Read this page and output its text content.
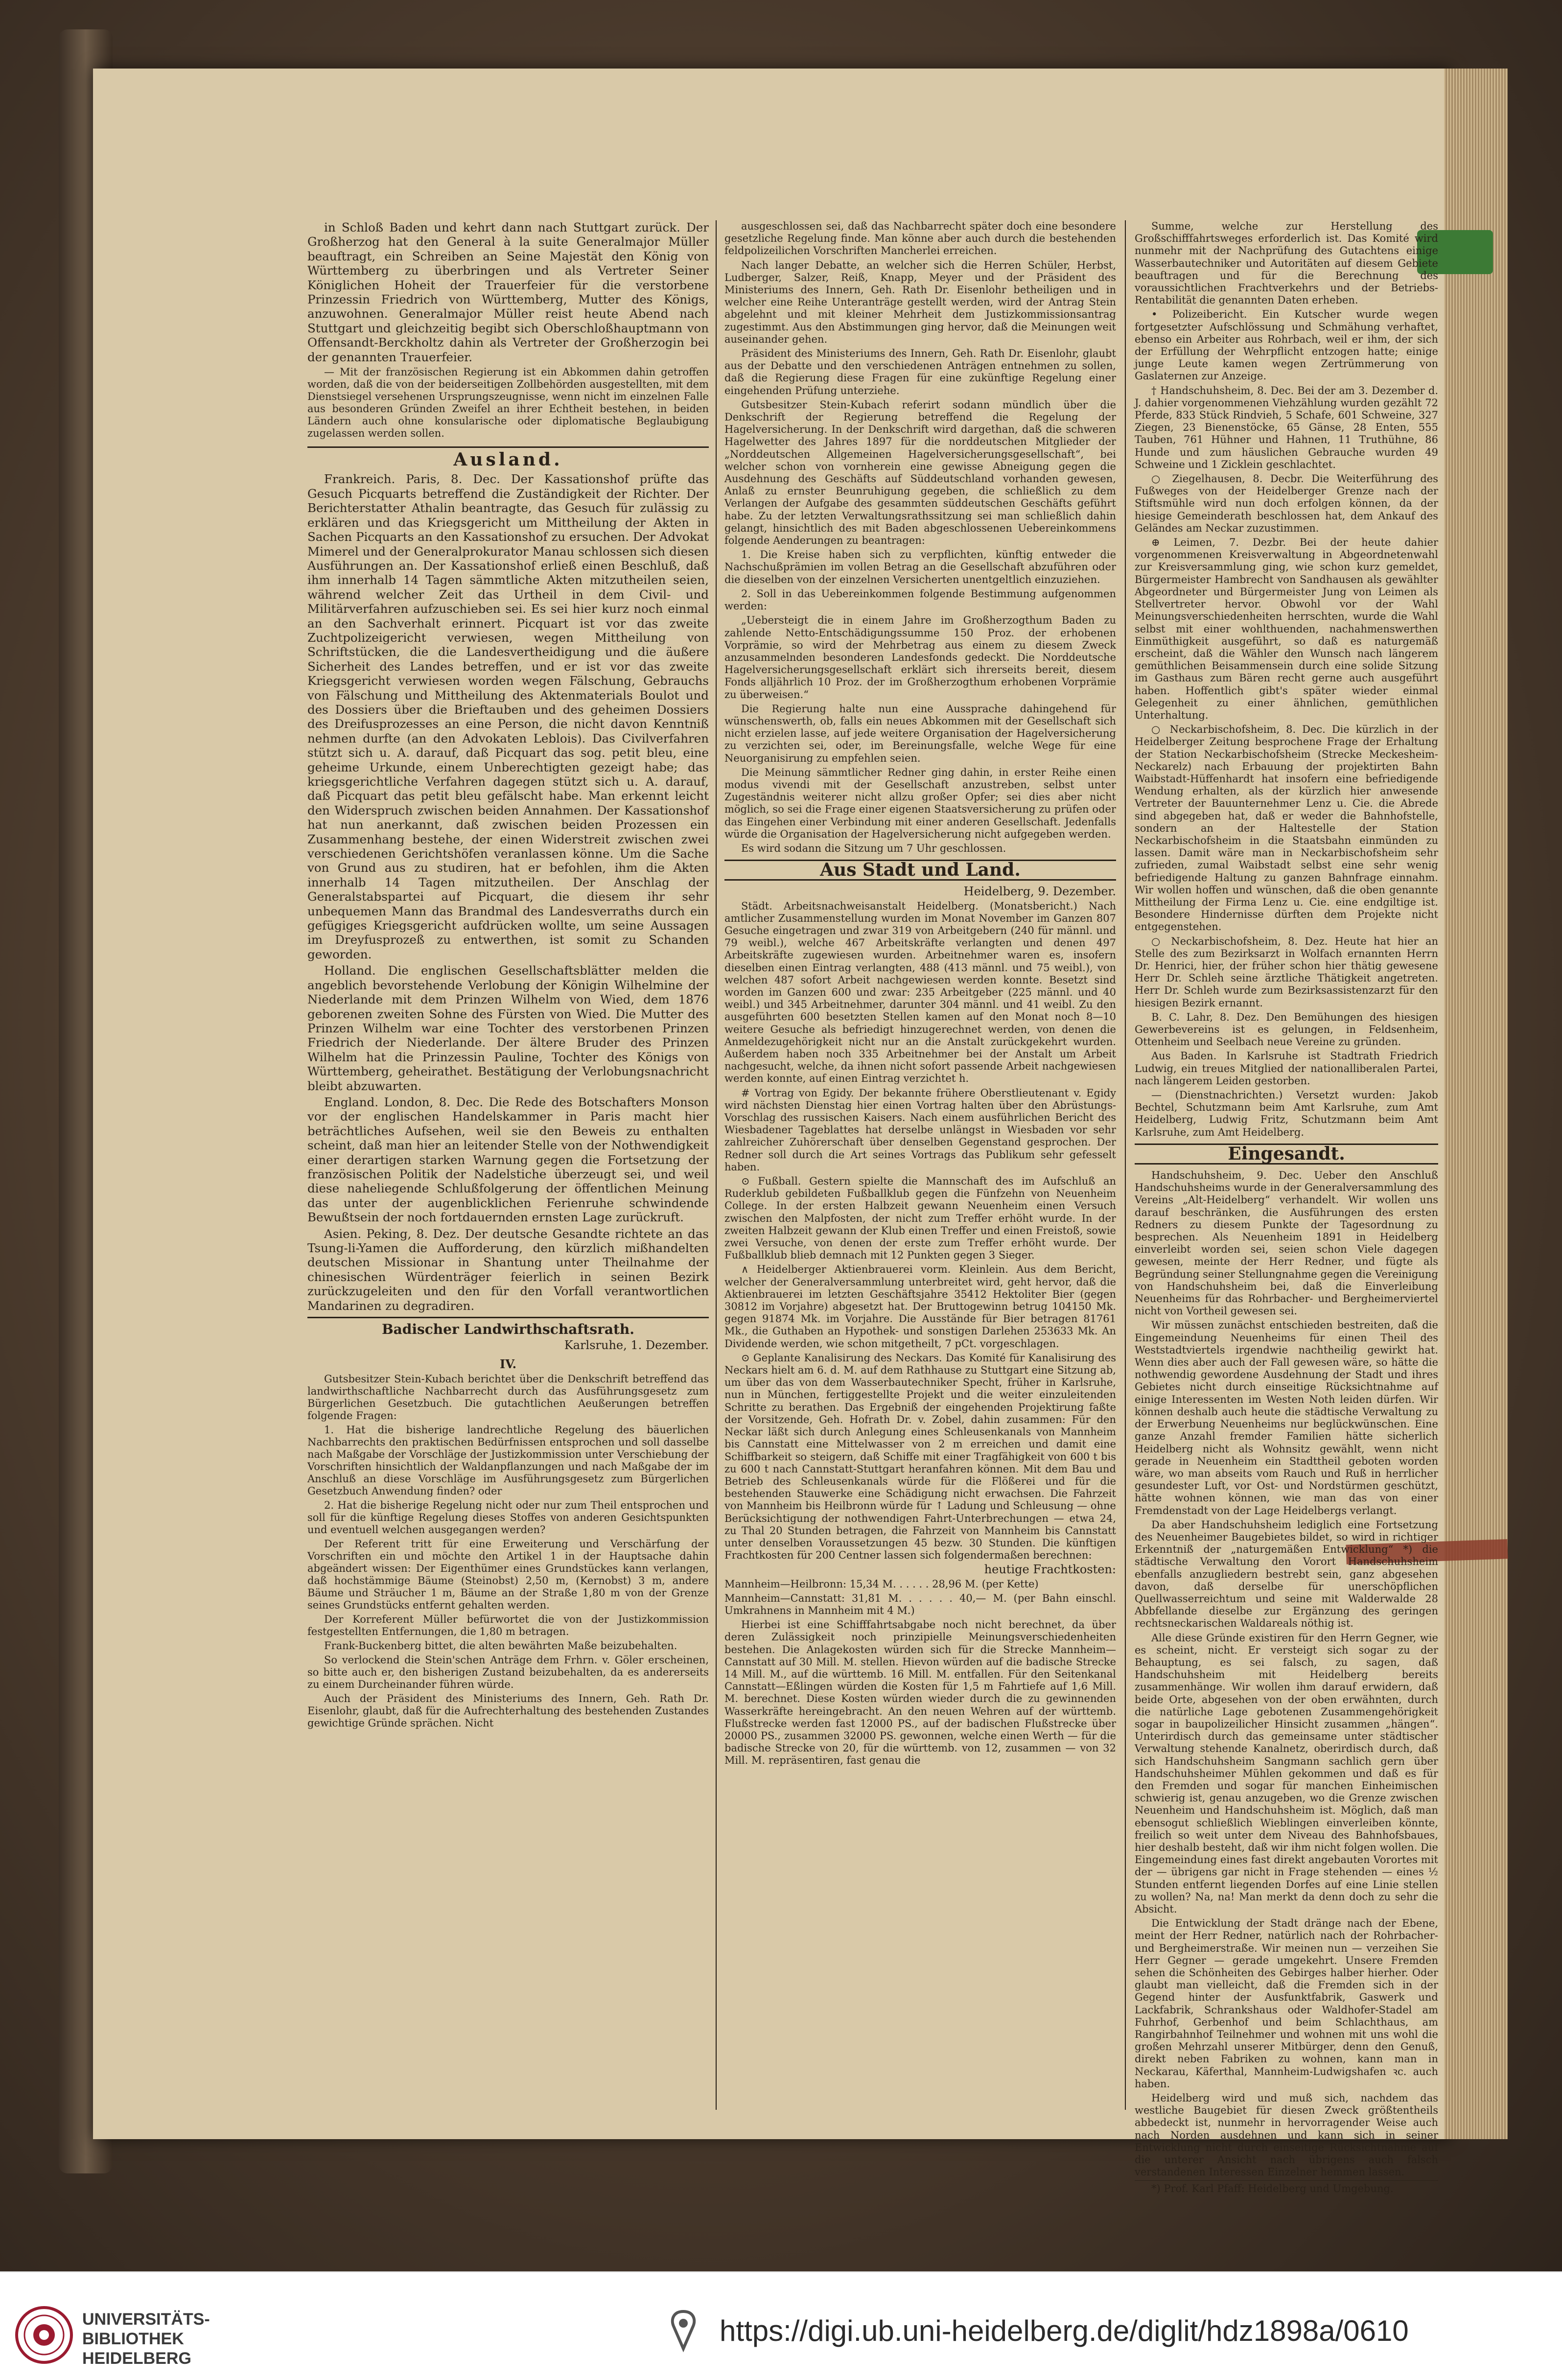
in Schloß Baden und kehrt dann nach Stuttgart zurück. Der Großherzog hat den General à la suite Generalmajor Müller beauftragt, ein Schreiben an Seine Majestät den König von Württemberg zu überbringen und als Vertreter Seiner Königlichen Hoheit der Trauerfeier für die verstorbene Prinzessin Friedrich von Württemberg, Mutter des Königs, anzuwohnen. Generalmajor Müller reist heute Abend nach Stuttgart und gleichzeitig begibt sich Oberschloßhauptmann von Offensandt-Berckholtz dahin als Vertreter der Großherzogin bei der genannten Trauerfeier.

— Mit der französischen Regierung ist ein Abkommen dahin getroffen worden, daß die von der beiderseitigen Zollbehörden ausgestellten, mit dem Dienstsiegel versehenen Ursprungszeugnisse, wenn nicht im einzelnen Falle aus besonderen Gründen Zweifel an ihrer Echtheit bestehen, in beiden Ländern auch ohne konsularische oder diplomatische Beglaubigung zugelassen werden sollen.

Ausland.

Frankreich. Paris, 8. Dec. Der Kassationshof prüfte das Gesuch Picquarts betreffend die Zuständigkeit der Richter. Der Berichterstatter Athalin beantragte, das Gesuch für zulässig zu erklären und das Kriegsgericht um Mittheilung der Akten in Sachen Picquarts an den Kassationshof zu ersuchen. Der Advokat Mimerel und der Generalprokurator Manau schlossen sich diesen Ausführungen an. Der Kassationshof erließ einen Beschluß, daß ihm innerhalb 14 Tagen sämmtliche Akten mitzutheilen seien, während welcher Zeit das Urtheil in dem Civil- und Militärverfahren aufzuschieben sei. Es sei hier kurz noch einmal an den Sachverhalt erinnert. Picquart ist vor das zweite Zuchtpolizeigericht verwiesen, wegen Mittheilung von Schriftstücken, die die Landesvertheidigung und die äußere Sicherheit des Landes betreffen, und er ist vor das zweite Kriegsgericht verwiesen worden wegen Fälschung, Gebrauchs von Fälschung und Mittheilung des Aktenmaterials Boulot und des Dossiers über die Brieftauben und des geheimen Dossiers des Dreifusprozesses an eine Person, die nicht davon Kenntniß nehmen durfte (an den Advokaten Leblois). Das Civilverfahren stützt sich u. A. darauf, daß Picquart das sog. petit bleu, eine geheime Urkunde, einem Unberechtigten gezeigt habe; das kriegsgerichtliche Verfahren dagegen stützt sich u. A. darauf, daß Picquart das petit bleu gefälscht habe. Man erkennt leicht den Widerspruch zwischen beiden Annahmen. Der Kassationshof hat nun anerkannt, daß zwischen beiden Prozessen ein Zusammenhang bestehe, der einen Widerstreit zwischen zwei verschiedenen Gerichtshöfen veranlassen könne. Um die Sache von Grund aus zu studiren, hat er befohlen, ihm die Akten innerhalb 14 Tagen mitzutheilen. Der Anschlag der Generalstabspartei auf Picquart, die diesem ihr sehr unbequemen Mann das Brandmal des Landesverraths durch ein gefügiges Kriegsgericht aufdrücken wollte, um seine Aussagen im Dreyfusprozeß zu entwerthen, ist somit zu Schanden geworden.

Holland. Die englischen Gesellschaftsblätter melden die angeblich bevorstehende Verlobung der Königin Wilhelmine der Niederlande mit dem Prinzen Wilhelm von Wied, dem 1876 geborenen zweiten Sohne des Fürsten von Wied. Die Mutter des Prinzen Wilhelm war eine Tochter des verstorbenen Prinzen Friedrich der Niederlande. Der ältere Bruder des Prinzen Wilhelm hat die Prinzessin Pauline, Tochter des Königs von Württemberg, geheirathet. Bestätigung der Verlobungsnachricht bleibt abzuwarten.

England. London, 8. Dec. Die Rede des Botschafters Monson vor der englischen Handelskammer in Paris macht hier beträchtliches Aufsehen, weil sie den Beweis zu enthalten scheint, daß man hier an leitender Stelle von der Nothwendigkeit einer derartigen starken Warnung gegen die Fortsetzung der französischen Politik der Nadelstiche überzeugt sei, und weil diese naheliegende Schlußfolgerung der öffentlichen Meinung das unter der augenblicklichen Ferienruhe schwindende Bewußtsein der noch fortdauernden ernsten Lage zurückruft.

Asien. Peking, 8. Dez. Der deutsche Gesandte richtete an das Tsung-li-Yamen die Aufforderung, den kürzlich mißhandelten deutschen Missionar in Shantung unter Theilnahme der chinesischen Würdenträger feierlich in seinen Bezirk zurückzugeleiten und den für den Vorfall verantwortlichen Mandarinen zu degradiren.

Badischer Landwirthschaftsrath.

Karlsruhe, 1. Dezember.

IV.

Gutsbesitzer Stein-Kubach berichtet über die Denkschrift betreffend das landwirthschaftliche Nachbarrecht durch das Ausführungsgesetz zum Bürgerlichen Gesetzbuch. Die gutachtlichen Aeußerungen betreffen folgende Fragen:

1. Hat die bisherige landrechtliche Regelung des bäuerlichen Nachbarrechts den praktischen Bedürfnissen entsprochen und soll dasselbe nach Maßgabe der Vorschläge der Justizkommission unter Verschiebung der Vorschriften hinsichtlich der Waldanpflanzungen und nach Maßgabe der im Anschluß an diese Vorschläge im Ausführungsgesetz zum Bürgerlichen Gesetzbuch Anwendung finden? oder

2. Hat die bisherige Regelung nicht oder nur zum Theil entsprochen und soll für die künftige Regelung dieses Stoffes von anderen Gesichtspunkten und eventuell welchen ausgegangen werden?

Der Referent tritt für eine Erweiterung und Verschärfung der Vorschriften ein und möchte den Artikel 1 in der Hauptsache dahin abgeändert wissen: Der Eigenthümer eines Grundstückes kann verlangen, daß hochstämmige Bäume (Steinobst) 2,50 m, (Kernobst) 3 m, andere Bäume und Sträucher 1 m, Bäume an der Straße 1,80 m von der Grenze seines Grundstücks entfernt gehalten werden.

Der Korreferent Müller befürwortet die von der Justizkommission festgestellten Entfernungen, die 1,80 m betragen.

Frank-Buckenberg bittet, die alten bewährten Maße beizubehalten.

So verlockend die Stein'schen Anträge dem Frhrn. v. Göler erscheinen, so bitte auch er, den bisherigen Zustand beizubehalten, da es andererseits zu einem Durcheinander führen würde.

Auch der Präsident des Ministeriums des Innern, Geh. Rath Dr. Eisenlohr, glaubt, daß für die Aufrechterhaltung des bestehenden Zustandes gewichtige Gründe sprächen. Nicht

ausgeschlossen sei, daß das Nachbarrecht später doch eine besondere gesetzliche Regelung finde. Man könne aber auch durch die bestehenden feldpolizeilichen Vorschriften Mancherlei erreichen.

Nach langer Debatte, an welcher sich die Herren Schüler, Herbst, Ludberger, Salzer, Reiß, Knapp, Meyer und der Präsident des Ministeriums des Innern, Geh. Rath Dr. Eisenlohr betheiligen und in welcher eine Reihe Unteranträge gestellt werden, wird der Antrag Stein abgelehnt und mit kleiner Mehrheit dem Justizkommissionsantrag zugestimmt. Aus den Abstimmungen ging hervor, daß die Meinungen weit auseinander gehen.

Präsident des Ministeriums des Innern, Geh. Rath Dr. Eisenlohr, glaubt aus der Debatte und den verschiedenen Anträgen entnehmen zu sollen, daß die Regierung diese Fragen für eine zukünftige Regelung einer eingehenden Prüfung unterziehe.

Gutsbesitzer Stein-Kubach referirt sodann mündlich über die Denkschrift der Regierung betreffend die Regelung der Hagelversicherung. In der Denkschrift wird dargethan, daß die schweren Hagelwetter des Jahres 1897 für die norddeutschen Mitglieder der „Norddeutschen Allgemeinen Hagelversicherungsgesellschaft“, bei welcher schon von vornherein eine gewisse Abneigung gegen die Ausdehnung des Geschäfts auf Süddeutschland vorhanden gewesen, Anlaß zu ernster Beunruhigung gegeben, die schließlich zu dem Verlangen der Aufgabe des gesammten süddeutschen Geschäfts geführt habe. Zu der letzten Verwaltungsrathssitzung sei man schließlich dahin gelangt, hinsichtlich des mit Baden abgeschlossenen Uebereinkommens folgende Aenderungen zu beantragen:

1. Die Kreise haben sich zu verpflichten, künftig entweder die Nachschußprämien im vollen Betrag an die Gesellschaft abzuführen oder die dieselben von der einzelnen Versicherten unentgeltlich einzuziehen.

2. Soll in das Uebereinkommen folgende Bestimmung aufgenommen werden:

„Uebersteigt die in einem Jahre im Großherzogthum Baden zu zahlende Netto-Entschädigungssumme 150 Proz. der erhobenen Vorprämie, so wird der Mehrbetrag aus einem zu diesem Zweck anzusammelnden besonderen Landesfonds gedeckt. Die Norddeutsche Hagelversicherungsgesellschaft erklärt sich ihrerseits bereit, diesem Fonds alljährlich 10 Proz. der im Großherzogthum erhobenen Vorprämie zu überweisen.“

Die Regierung halte nun eine Aussprache dahingehend für wünschenswerth, ob, falls ein neues Abkommen mit der Gesellschaft sich nicht erzielen lasse, auf jede weitere Organisation der Hagelversicherung zu verzichten sei, oder, im Bereinungsfalle, welche Wege für eine Neuorganisirung zu empfehlen seien.

Die Meinung sämmtlicher Redner ging dahin, in erster Reihe einen modus vivendi mit der Gesellschaft anzustreben, selbst unter Zugeständnis weiterer nicht allzu großer Opfer; sei dies aber nicht möglich, so sei die Frage einer eigenen Staatsversicherung zu prüfen oder das Eingehen einer Verbindung mit einer anderen Gesellschaft. Jedenfalls würde die Organisation der Hagelversicherung nicht aufgegeben werden.

Es wird sodann die Sitzung um 7 Uhr geschlossen.

Aus Stadt und Land.

Heidelberg, 9. Dezember.

Städt. Arbeitsnachweisanstalt Heidelberg. (Monatsbericht.) Nach amtlicher Zusammenstellung wurden im Monat November im Ganzen 807 Gesuche eingetragen und zwar 319 von Arbeitgebern (240 für männl. und 79 weibl.), welche 467 Arbeitskräfte verlangten und denen 497 Arbeitskräfte zugewiesen wurden. Arbeitnehmer waren es, insofern dieselben einen Eintrag verlangten, 488 (413 männl. und 75 weibl.), von welchen 487 sofort Arbeit nachgewiesen werden konnte. Besetzt sind worden im Ganzen 600 und zwar: 235 Arbeitgeber (225 männl. und 40 weibl.) und 345 Arbeitnehmer, darunter 304 männl. und 41 weibl. Zu den ausgeführten 600 besetzten Stellen kamen auf den Monat noch 8—10 weitere Gesuche als befriedigt hinzugerechnet werden, von denen die Anmeldezugehörigkeit nicht nur an die Anstalt zurückgekehrt wurden. Außerdem haben noch 335 Arbeitnehmer bei der Anstalt um Arbeit nachgesucht, welche, da ihnen nicht sofort passende Arbeit nachgewiesen werden konnte, auf einen Eintrag verzichtet h.

# Vortrag von Egidy. Der bekannte frühere Oberstlieutenant v. Egidy wird nächsten Dienstag hier einen Vortrag halten über den Abrüstungs-Vorschlag des russischen Kaisers. Nach einem ausführlichen Bericht des Wiesbadener Tageblattes hat derselbe unlängst in Wiesbaden vor sehr zahlreicher Zuhörerschaft über denselben Gegenstand gesprochen. Der Redner soll durch die Art seines Vortrags das Publikum sehr gefesselt haben.

⊙ Fußball. Gestern spielte die Mannschaft des im Aufschluß an Ruderklub gebildeten Fußballklub gegen die Fünfzehn von Neuenheim College. In der ersten Halbzeit gewann Neuenheim einen Versuch zwischen den Malpfosten, der nicht zum Treffer erhöht wurde. In der zweiten Halbzeit gewann der Klub einen Treffer und einen Freistoß, sowie zwei Versuche, von denen der erste zum Treffer erhöht wurde. Der Fußballklub blieb demnach mit 12 Punkten gegen 3 Sieger.

∧ Heidelberger Aktienbrauerei vorm. Kleinlein. Aus dem Bericht, welcher der Generalversammlung unterbreitet wird, geht hervor, daß die Aktienbrauerei im letzten Geschäftsjahre 35412 Hektoliter Bier (gegen 30812 im Vorjahre) abgesetzt hat. Der Bruttogewinn betrug 104150 Mk. gegen 91874 Mk. im Vorjahre. Die Ausstände für Bier betragen 81761 Mk., die Guthaben an Hypothek- und sonstigen Darlehen 253633 Mk. An Dividende werden, wie schon mitgetheilt, 7 pCt. vorgeschlagen.

⊙ Geplante Kanalisirung des Neckars. Das Komité für Kanalisirung des Neckars hielt am 6. d. M. auf dem Rathhause zu Stuttgart eine Sitzung ab, um über das von dem Wasserbautechniker Specht, früher in Karlsruhe, nun in München, fertiggestellte Projekt und die weiter einzuleitenden Schritte zu berathen. Das Ergebniß der eingehenden Projektirung faßte der Vorsitzende, Geh. Hofrath Dr. v. Zobel, dahin zusammen: Für den Neckar läßt sich durch Anlegung eines Schleusenkanals von Mannheim bis Cannstatt eine Mittelwasser von 2 m erreichen und damit eine Schiffbarkeit so steigern, daß Schiffe mit einer Tragfähigkeit von 600 t bis zu 600 t nach Cannstatt-Stuttgart heranfahren können. Mit dem Bau und Betrieb des Schleusenkanals würde für die Flößerei und für die bestehenden Stauwerke eine Schädigung nicht erwachsen. Die Fahrzeit von Mannheim bis Heilbronn würde für ↑ Ladung und Schleusung — ohne Berücksichtigung der nothwendigen Fahrt-Unterbrechungen — etwa 24, zu Thal 20 Stunden betragen, die Fahrzeit von Mannheim bis Cannstatt unter denselben Voraussetzungen 45 bezw. 30 Stunden. Die künftigen Frachtkosten für 200 Centner lassen sich folgendermaßen berechnen:

heutige Frachtkosten:

Mannheim—Heilbronn: 15,34 M. . . . . . 28,96 M. (per Kette)

Mannheim—Cannstatt: 31,81 M. . . . . . 40,— M. (per Bahn einschl. Umkrahnens in Mannheim mit 4 M.)

Hierbei ist eine Schifffahrtsabgabe noch nicht berechnet, da über deren Zulässigkeit noch prinzipielle Meinungsverschiedenheiten bestehen. Die Anlagekosten würden sich für die Strecke Mannheim—Cannstatt auf 30 Mill. M. stellen. Hievon würden auf die badische Strecke 14 Mill. M., auf die württemb. 16 Mill. M. entfallen. Für den Seitenkanal Cannstatt—Eßlingen würden die Kosten für 1,5 m Fahrtiefe auf 1,6 Mill. M. berechnet. Diese Kosten würden wieder durch die zu gewinnenden Wasserkräfte hereingebracht. An den neuen Wehren auf der württemb. Flußstrecke werden fast 12000 PS., auf der badischen Flußstrecke über 20000 PS., zusammen 32000 PS. gewonnen, welche einen Werth — für die badische Strecke von 20, für die württemb. von 12, zusammen — von 32 Mill. M. repräsentiren, fast genau die

Summe, welche zur Herstellung des Großschifffahrtsweges erforderlich ist. Das Komité wird nunmehr mit der Nachprüfung des Gutachtens einige Wasserbautechniker und Autoritäten auf diesem Gebiete beauftragen und für die Berechnung des voraussichtlichen Frachtverkehrs und der Betriebs-Rentabilität die genannten Daten erheben.

• Polizeibericht. Ein Kutscher wurde wegen fortgesetzter Aufschlössung und Schmähung verhaftet, ebenso ein Arbeiter aus Rohrbach, weil er ihm, der sich der Erfüllung der Wehrpflicht entzogen hatte; einige junge Leute kamen wegen Zertrümmerung von Gaslaternen zur Anzeige.

† Handschuhsheim, 8. Dec. Bei der am 3. Dezember d. J. dahier vorgenommenen Viehzählung wurden gezählt 72 Pferde, 833 Stück Rindvieh, 5 Schafe, 601 Schweine, 327 Ziegen, 23 Bienenstöcke, 65 Gänse, 28 Enten, 555 Tauben, 761 Hühner und Hahnen, 11 Truthühne, 86 Hunde und zum häuslichen Gebrauche wurden 49 Schweine und 1 Zicklein geschlachtet.

○ Ziegelhausen, 8. Decbr. Die Weiterführung des Fußweges von der Heidelberger Grenze nach der Stiftsmühle wird nun doch erfolgen können, da der hiesige Gemeinderath beschlossen hat, dem Ankauf des Geländes am Neckar zuzustimmen.

⊕ Leimen, 7. Dezbr. Bei der heute dahier vorgenommenen Kreisverwaltung in Abgeordnetenwahl zur Kreisversammlung ging, wie schon kurz gemeldet, Bürgermeister Hambrecht von Sandhausen als gewählter Abgeordneter und Bürgermeister Jung von Leimen als Stellvertreter hervor. Obwohl vor der Wahl Meinungsverschiedenheiten herrschten, wurde die Wahl selbst mit einer wohlthuenden, nachahmenswerthen Einmüthigkeit ausgeführt, so daß es naturgemäß erscheint, daß die Wähler den Wunsch nach längerem gemüthlichen Beisammensein durch eine solide Sitzung im Gasthaus zum Bären recht gerne auch ausgeführt haben. Hoffentlich gibt's später wieder einmal Gelegenheit zu einer ähnlichen, gemüthlichen Unterhaltung.

○ Neckarbischofsheim, 8. Dec. Die kürzlich in der Heidelberger Zeitung besprochene Frage der Erhaltung der Station Neckarbischofsheim (Strecke Meckesheim-Neckarelz) nach Erbauung der projektirten Bahn Waibstadt-Hüffenhardt hat insofern eine befriedigende Wendung erhalten, als der kürzlich hier anwesende Vertreter der Bauunternehmer Lenz u. Cie. die Abrede sind abgegeben hat, daß er weder die Bahnhofstelle, sondern an der Haltestelle der Station Neckarbischofsheim in die Staatsbahn einmünden zu lassen. Damit wäre man in Neckarbischofsheim sehr zufrieden, zumal Waibstadt selbst eine sehr wenig befriedigende Haltung zu ganzen Bahnfrage einnahm. Wir wollen hoffen und wünschen, daß die oben genannte Mittheilung der Firma Lenz u. Cie. eine endgiltige ist. Besondere Hindernisse dürften dem Projekte nicht entgegenstehen.

○ Neckarbischofsheim, 8. Dez. Heute hat hier an Stelle des zum Bezirksarzt in Wolfach ernannten Herrn Dr. Henrici, hier, der früher schon hier thätig gewesene Herr Dr. Schleh seine ärztliche Thätigkeit angetreten. Herr Dr. Schleh wurde zum Bezirksassistenzarzt für den hiesigen Bezirk ernannt.

B. C. Lahr, 8. Dez. Den Bemühungen des hiesigen Gewerbevereins ist es gelungen, in Feldsenheim, Ottenheim und Seelbach neue Vereine zu gründen.

Aus Baden. In Karlsruhe ist Stadtrath Friedrich Ludwig, ein treues Mitglied der nationalliberalen Partei, nach längerem Leiden gestorben.

— (Dienstnachrichten.) Versetzt wurden: Jakob Bechtel, Schutzmann beim Amt Karlsruhe, zum Amt Heidelberg, Ludwig Fritz, Schutzmann beim Amt Karlsruhe, zum Amt Heidelberg.

Eingesandt.

Handschuhsheim, 9. Dec. Ueber den Anschluß Handschuhsheims wurde in der Generalversammlung des Vereins „Alt-Heidelberg“ verhandelt. Wir wollen uns darauf beschränken, die Ausführungen des ersten Redners zu diesem Punkte der Tagesordnung zu besprechen. Als Neuenheim 1891 in Heidelberg einverleibt worden sei, seien schon Viele dagegen gewesen, meinte der Herr Redner, und fügte als Begründung seiner Stellungnahme gegen die Vereinigung von Handschuhsheim bei, daß die Einverleibung Neuenheims für das Rohrbacher- und Bergheimerviertel nicht von Vortheil gewesen sei.

Wir müssen zunächst entschieden bestreiten, daß die Eingemeindung Neuenheims für einen Theil des Weststadtviertels irgendwie nachtheilig gewirkt hat. Wenn dies aber auch der Fall gewesen wäre, so hätte die nothwendig gewordene Ausdehnung der Stadt und ihres Gebietes nicht durch einseitige Rücksichtnahme auf einige Interessenten im Westen Noth leiden dürfen. Wir können deshalb auch heute die städtische Verwaltung zu der Erwerbung Neuenheims nur beglückwünschen. Eine ganze Anzahl fremder Familien hätte sicherlich Heidelberg nicht als Wohnsitz gewählt, wenn nicht gerade in Neuenheim ein Stadttheil geboten worden wäre, wo man abseits vom Rauch und Ruß in herrlicher gesundester Luft, vor Ost- und Nordstürmen geschützt, hätte wohnen können, wie man das von einer Fremdenstadt von der Lage Heidelbergs verlangt.

Da aber Handschuhsheim lediglich eine Fortsetzung des Neuenheimer Baugebietes bildet, so wird in richtiger Erkenntniß der „naturgemäßen Entwicklung“ *) die städtische Verwaltung den Vorort Handschuhsheim ebenfalls anzugliedern bestrebt sein, ganz abgesehen davon, daß derselbe für unerschöpflichen Quellwasserreichtum und seine mit Walderwalde 28 Abbfellande dieselbe zur Ergänzung des geringen rechtsneckarischen Waldareals nöthig ist.

Alle diese Gründe existiren für den Herrn Gegner, wie es scheint, nicht. Er versteigt sich sogar zu der Behauptung, es sei falsch, zu sagen, daß Handschuhsheim mit Heidelberg bereits zusammenhänge. Wir wollen ihm darauf erwidern, daß beide Orte, abgesehen von der oben erwähnten, durch die natürliche Lage gebotenen Zusammengehörigkeit sogar in baupolizeilicher Hinsicht zusammen „hängen“. Unterirdisch durch das gemeinsame unter städtischer Verwaltung stehende Kanalnetz, oberirdisch durch, daß sich Handschuhsheim Sangmann sachlich gern über Handschuhsheimer Mühlen gekommen und daß es für den Fremden und sogar für manchen Einheimischen schwierig ist, genau anzugeben, wo die Grenze zwischen Neuenheim und Handschuhsheim ist. Möglich, daß man ebensogut schließlich Wieblingen einverleiben könnte, freilich so weit unter dem Niveau des Bahnhofsbaues, hier deshalb besteht, daß wir ihm nicht folgen wollen. Die Eingemeindung eines fast direkt angebauten Vorortes mit der — übrigens gar nicht in Frage stehenden — eines ½ Stunden entfernt liegenden Dorfes auf eine Linie stellen zu wollen? Na, na! Man merkt da denn doch zu sehr die Absicht.

Die Entwicklung der Stadt dränge nach der Ebene, meint der Herr Redner, natürlich nach der Rohrbacher- und Bergheimerstraße. Wir meinen nun — verzeihen Sie Herr Gegner — gerade umgekehrt. Unsere Fremden sehen die Schönheiten des Gebirges halber hierher. Oder glaubt man vielleicht, daß die Fremden sich in der Gegend hinter der Ausfunktfabrik, Gaswerk und Lackfabrik, Schrankshaus oder Waldhofer-Stadel am Fuhrhof, Gerbenhof und beim Schlachthaus, am Rangirbahnhof Teilnehmer und wohnen mit uns wohl die großen Mehrzahl unserer Mitbürger, denn den Genuß, direkt neben Fabriken zu wohnen, kann man in Neckarau, Käferthal, Mannheim-Ludwigshafen ꝛc. auch haben.

Heidelberg wird und muß sich, nachdem das westliche Baugebiet für diesen Zweck größtentheils abbedeckt ist, nunmehr in hervorragender Weise auch nach Norden ausdehnen und kann sich in seiner Entwicklung nicht durch einseitige Rücksichtnahme auf die unterer Ansicht nach übrigens auch falsch verstandenen Interessen Einzelner hemmen lassen.

*) Prof. Karl Pfaff: Heidelberg und Umgebung.

UNIVERSITÄTS-
BIBLIOTHEK
HEIDELBERG
https://digi.ub.uni-heidelberg.de/diglit/hdz1898a/0610
